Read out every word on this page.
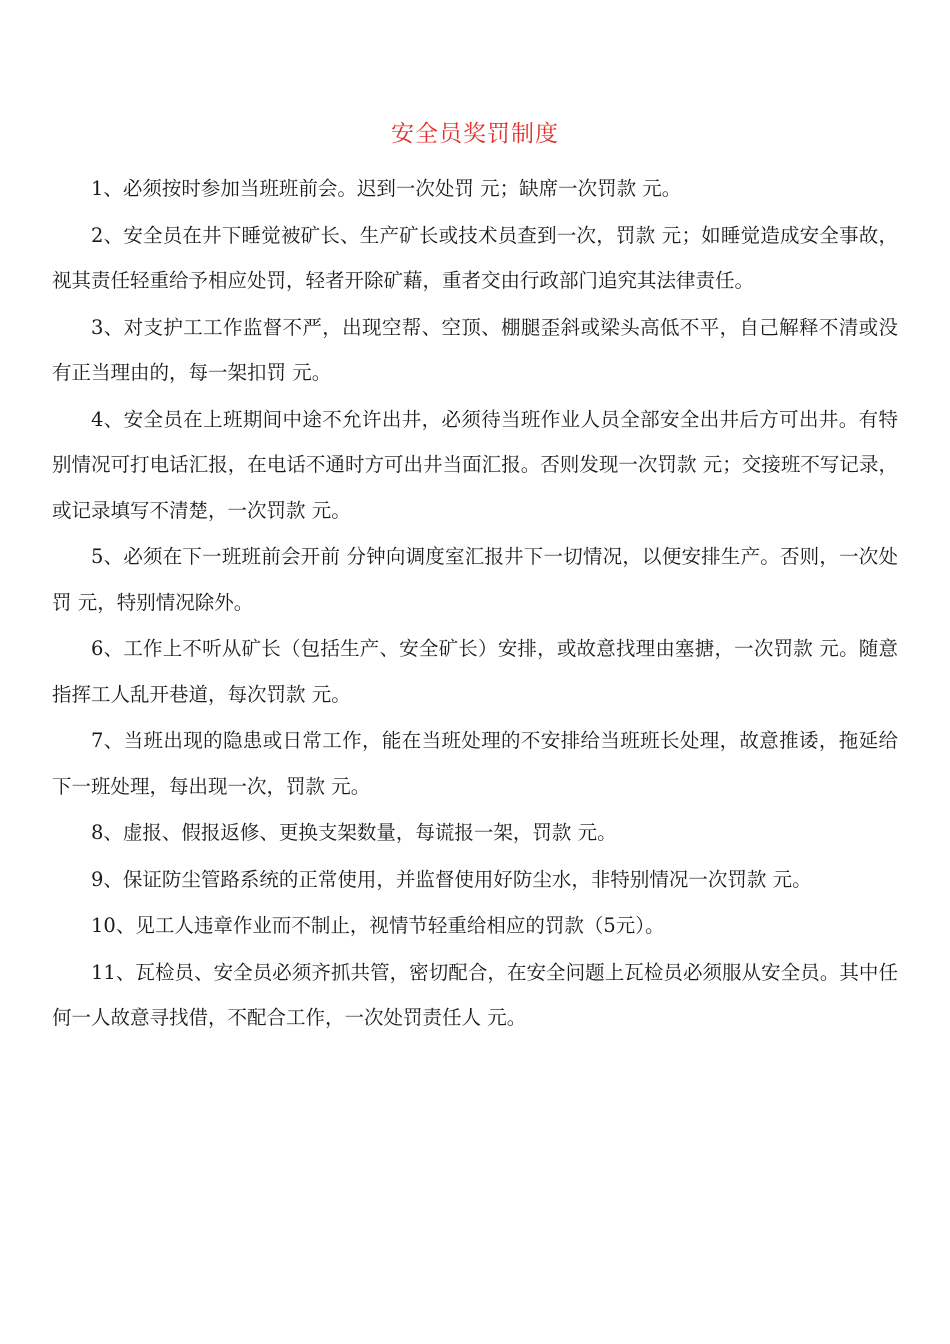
安全员奖罚制度

1、必须按时参加当班班前会。迟到一次处罚 元；缺席一次罚款 元。

2、安全员在井下睡觉被矿长、生产矿长或技术员查到一次，罚款 元；如睡觉造成安全事故，视其责任轻重给予相应处罚，轻者开除矿藉，重者交由行政部门追究其法律责任。

3、对支护工工作监督不严，出现空帮、空顶、棚腿歪斜或梁头高低不平，自己解释不清或没有正当理由的，每一架扣罚 元。

4、安全员在上班期间中途不允许出井，必须待当班作业人员全部安全出井后方可出井。有特别情况可打电话汇报，在电话不通时方可出井当面汇报。否则发现一次罚款 元；交接班不写记录，或记录填写不清楚，一次罚款 元。

5、必须在下一班班前会开前 分钟向调度室汇报井下一切情况，以便安排生产。否则，一次处罚 元，特别情况除外。

6、工作上不听从矿长（包括生产、安全矿长）安排，或故意找理由塞搪，一次罚款 元。随意指挥工人乱开巷道，每次罚款 元。

7、当班出现的隐患或日常工作，能在当班处理的不安排给当班班长处理，故意推诿，拖延给下一班处理，每出现一次，罚款 元。

8、虚报、假报返修、更换支架数量，每谎报一架，罚款 元。

9、保证防尘管路系统的正常使用，并监督使用好防尘水，非特别情况一次罚款 元。

10、见工人违章作业而不制止，视情节轻重给相应的罚款（5元）。

11、瓦检员、安全员必须齐抓共管，密切配合，在安全问题上瓦检员必须服从安全员。其中任何一人故意寻找借，不配合工作，一次处罚责任人 元。
